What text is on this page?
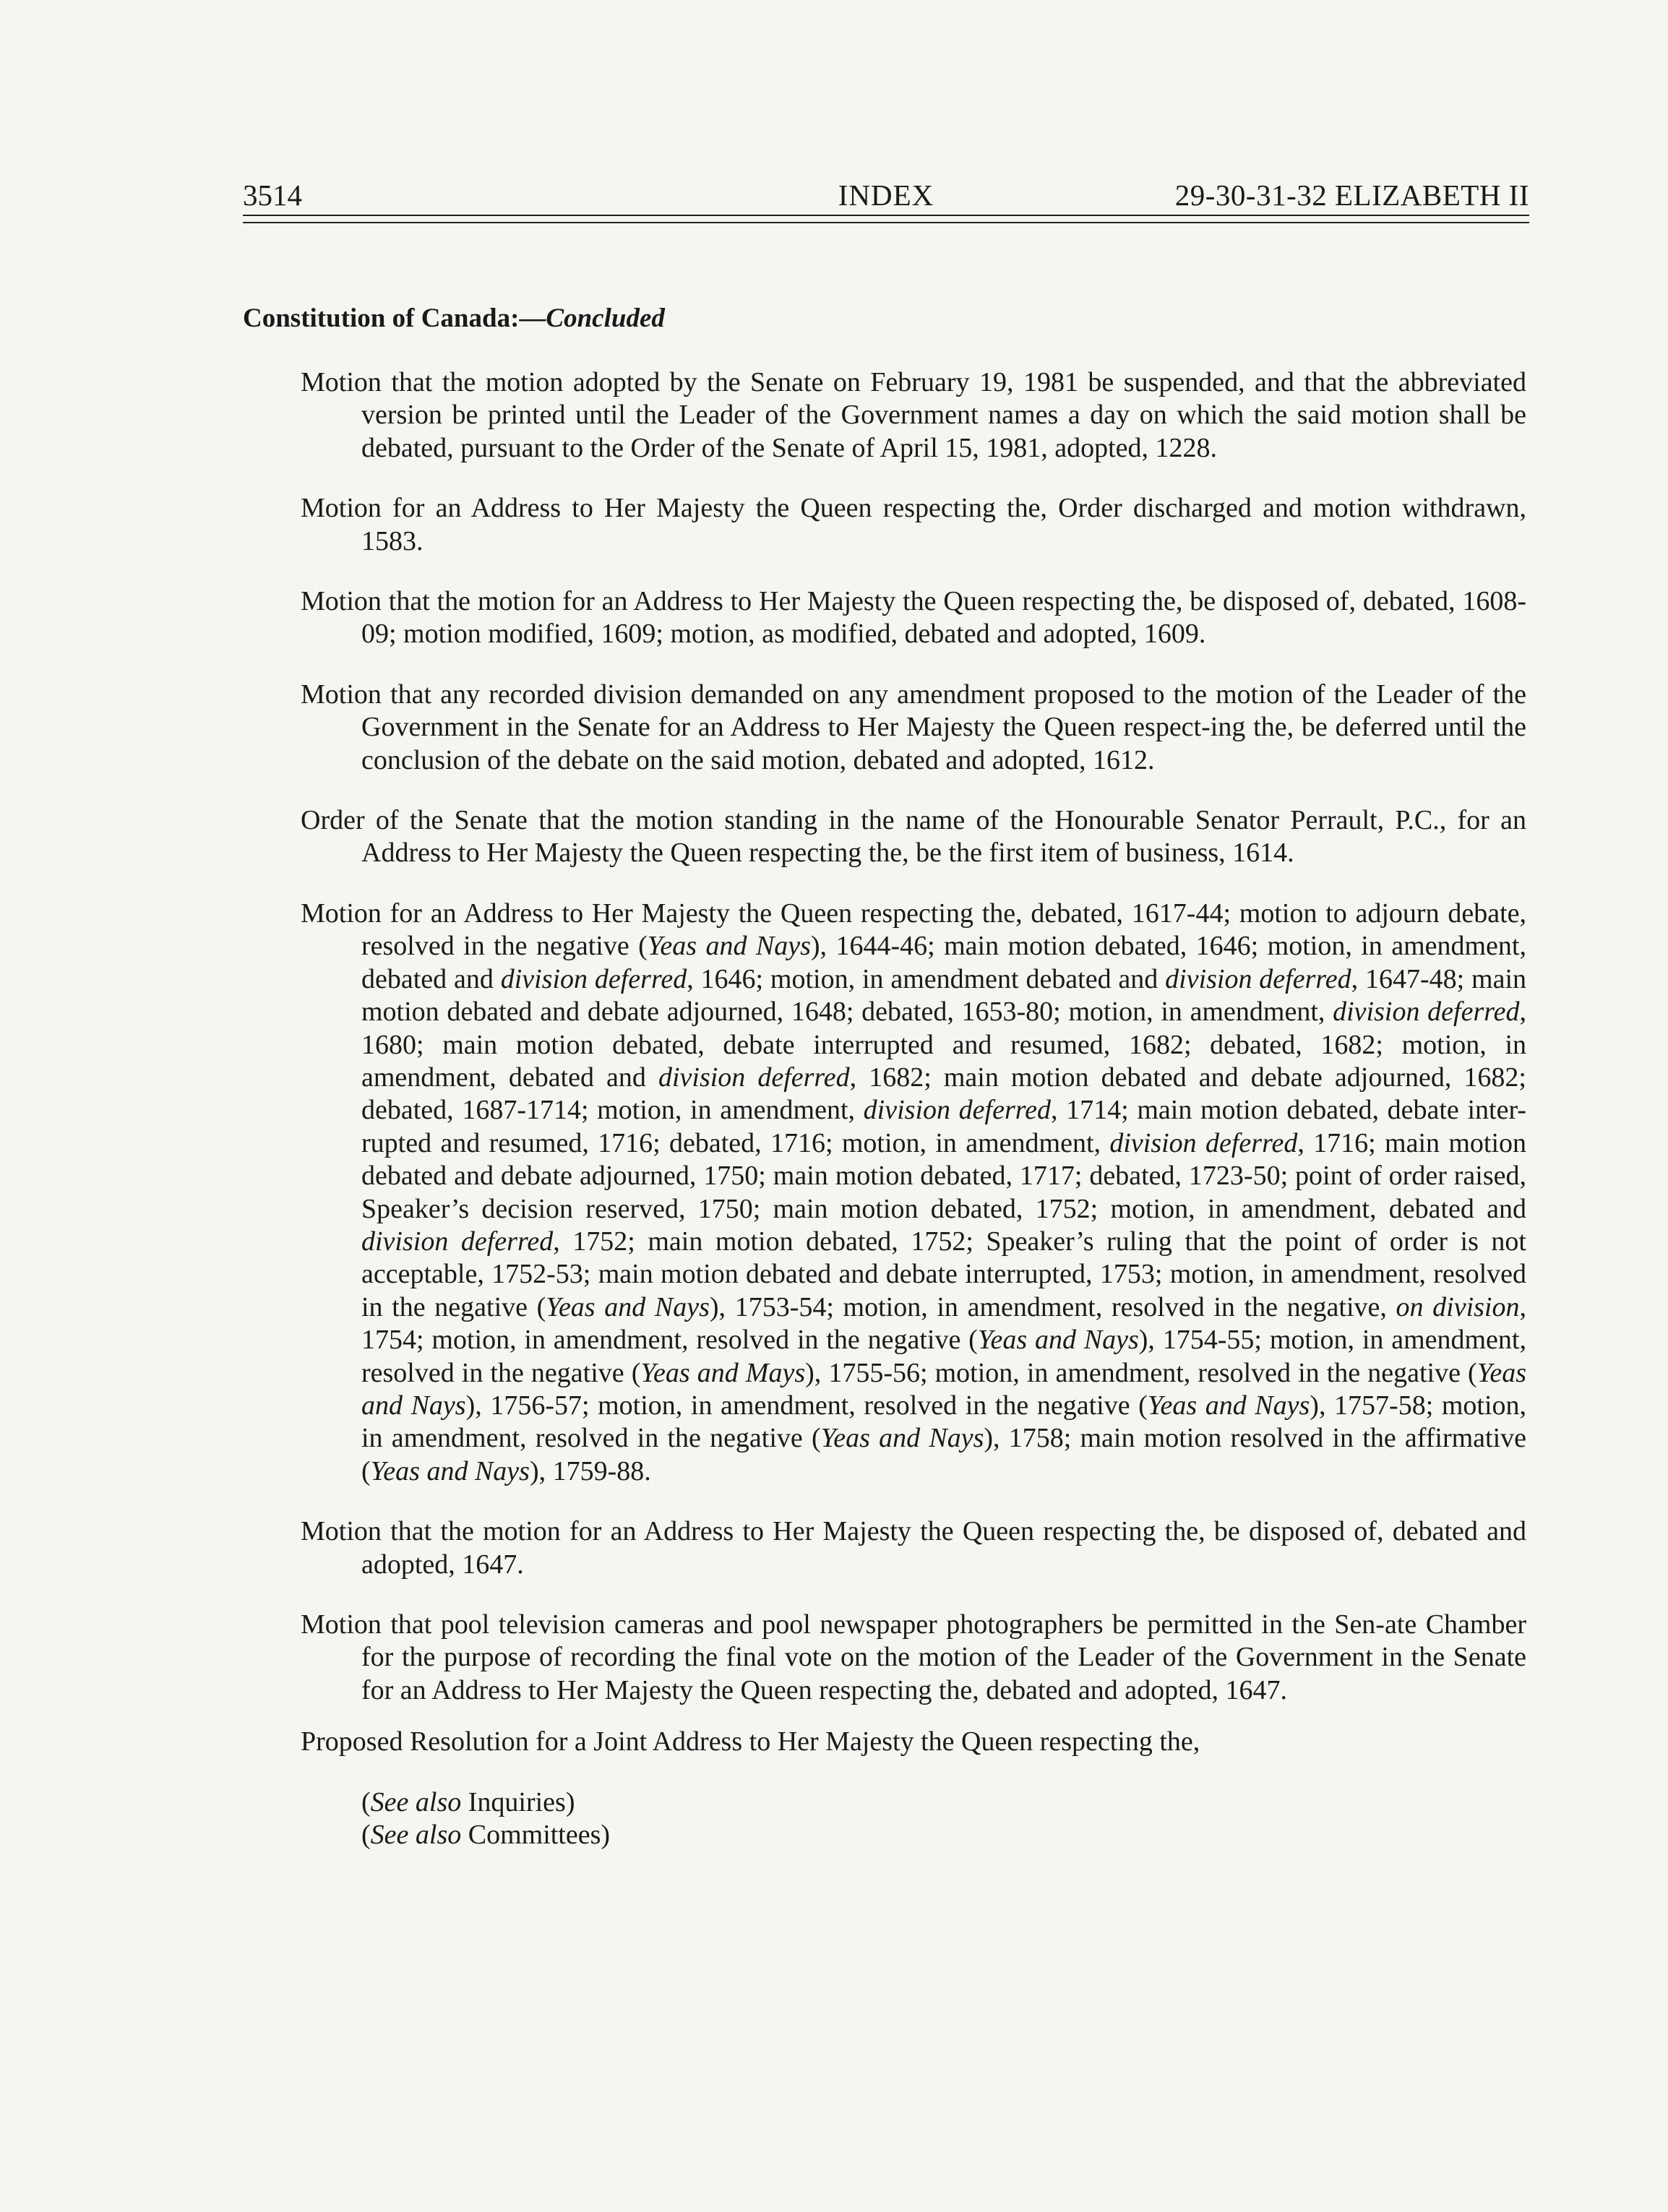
3514	INDEX	29-30-31-32 ELIZABETH II
Constitution of Canada:—Concluded

Motion that the motion adopted by the Senate on February 19, 1981 be suspended, and that the abbreviated version be printed until the Leader of the Government names a day on which the said motion shall be debated, pursuant to the Order of the Senate of April 15, 1981, adopted, 1228.

Motion for an Address to Her Majesty the Queen respecting the, Order discharged and motion withdrawn, 1583.

Motion that the motion for an Address to Her Majesty the Queen respecting the, be disposed of, debated, 1608-09; motion modified, 1609; motion, as modified, debated and adopted, 1609.

Motion that any recorded division demanded on any amendment proposed to the motion of the Leader of the Government in the Senate for an Address to Her Majesty the Queen respect-ing the, be deferred until the conclusion of the debate on the said motion, debated and adopted, 1612.

Order of the Senate that the motion standing in the name of the Honourable Senator Perrault, P.C., for an Address to Her Majesty the Queen respecting the, be the first item of business, 1614.

Motion for an Address to Her Majesty the Queen respecting the, debated, 1617-44; motion to adjourn debate, resolved in the negative (Yeas and Nays), 1644-46; main motion debated, 1646; motion, in amendment, debated and division deferred, 1646; motion, in amendment debated and division deferred, 1647-48; main motion debated and debate adjourned, 1648; debated, 1653-80; motion, in amendment, division deferred, 1680; main motion debated, debate interrupted and resumed, 1682; debated, 1682; motion, in amendment, debated and division deferred, 1682; main motion debated and debate adjourned, 1682; debated, 1687-1714; motion, in amendment, division deferred, 1714; main motion debated, debate inter-rupted and resumed, 1716; debated, 1716; motion, in amendment, division deferred, 1716; main motion debated and debate adjourned, 1750; main motion debated, 1717; debated, 1723-50; point of order raised, Speaker’s decision reserved, 1750; main motion debated, 1752; motion, in amendment, debated and division deferred, 1752; main motion debated, 1752; Speaker’s ruling that the point of order is not acceptable, 1752-53; main motion debated and debate interrupted, 1753; motion, in amendment, resolved in the negative (Yeas and Nays), 1753-54; motion, in amendment, resolved in the negative, on division, 1754; motion, in amendment, resolved in the negative (Yeas and Nays), 1754-55; motion, in amendment, resolved in the negative (Yeas and Mays), 1755-56; motion, in amendment, resolved in the negative (Yeas and Nays), 1756-57; motion, in amendment, resolved in the negative (Yeas and Nays), 1757-58; motion, in amendment, resolved in the negative (Yeas and Nays), 1758; main motion resolved in the affirmative (Yeas and Nays), 1759-88.

Motion that the motion for an Address to Her Majesty the Queen respecting the, be disposed of, debated and adopted, 1647.

Motion that pool television cameras and pool newspaper photographers be permitted in the Sen-ate Chamber for the purpose of recording the final vote on the motion of the Leader of the Government in the Senate for an Address to Her Majesty the Queen respecting the, debated and adopted, 1647.

Proposed Resolution for a Joint Address to Her Majesty the Queen respecting the,

(See also Inquiries)
(See also Committees)
